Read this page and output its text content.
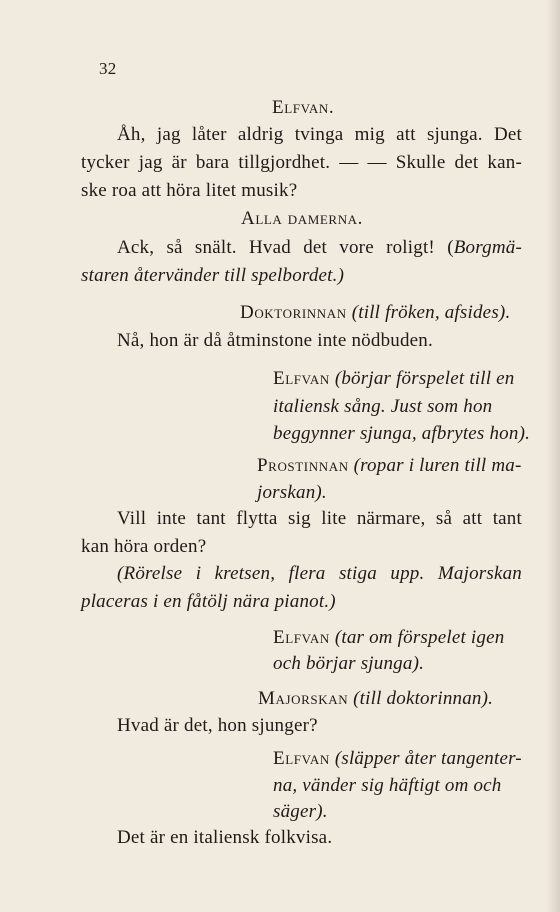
32
Elfvan.
Åh, jag låter aldrig tvinga mig att sjunga. Det
tycker jag är bara tillgjordhet. — — Skulle det kan-
ske roa att höra litet musik?
Alla damerna.
Ack, så snält. Hvad det vore roligt! (Borgmä-
staren återvänder till spelbordet.)
Doktorinnan (till fröken, afsides).
Nå, hon är då åtminstone inte nödbuden.
Elfvan (börjar förspelet till en
italiensk sång. Just som hon
beggynner sjunga, afbrytes hon).
Prostinnan (ropar i luren till ma-
jorskan).
Vill inte tant flytta sig lite närmare, så att tant
kan höra orden?
(Rörelse i kretsen, flera stiga upp. Majorskan
placeras i en fåtölj nära pianot.)
Elfvan (tar om förspelet igen
och börjar sjunga).
Majorskan (till doktorinnan).
Hvad är det, hon sjunger?
Elfvan (släpper åter tangenter-
na, vänder sig häftigt om och
säger).
Det är en italiensk folkvisa.
